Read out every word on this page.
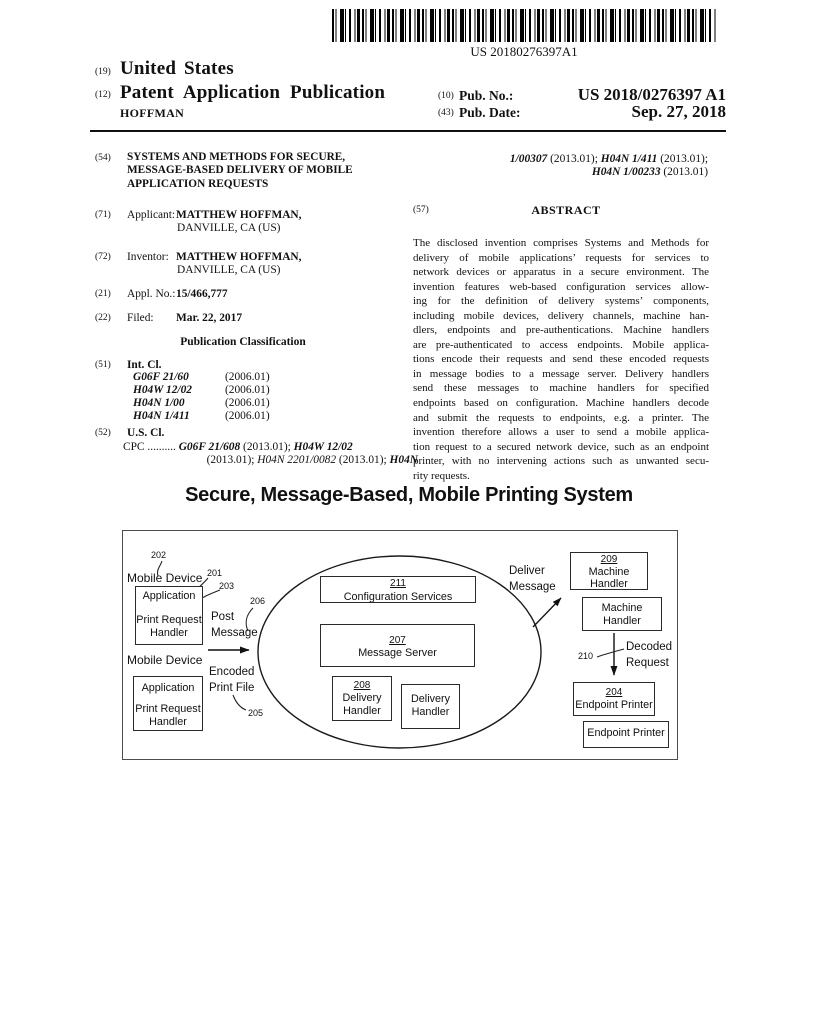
US 20180276397A1
(19) United States
(12) Patent Application Publication
HOFFMAN
(10) Pub. No.:	US 2018/0276397 A1
(43) Pub. Date:	Sep. 27, 2018
(54) SYSTEMS AND METHODS FOR SECURE,
MESSAGE-BASED DELIVERY OF MOBILE
APPLICATION REQUESTS
(71) Applicant: MATTHEW HOFFMAN,
DANVILLE, CA (US)
(72) Inventor: MATTHEW HOFFMAN,
DANVILLE, CA (US)
(21) Appl. No.: 15/466,777
(22) Filed: Mar. 22, 2017
Publication Classification
(51) Int. Cl.
G06F 21/60	(2006.01)
H04W 12/02	(2006.01)
H04N 1/00	(2006.01)
H04N 1/411	(2006.01)
(52) U.S. Cl.
CPC .......... G06F 21/608 (2013.01); H04W 12/02
(2013.01); H04N 2201/0082 (2013.01); H04N
1/00307 (2013.01); H04N 1/411 (2013.01);
H04N 1/00233 (2013.01)
(57)	ABSTRACT
The disclosed invention comprises Systems and Methods for
delivery of mobile applications’ requests for services to
network devices or apparatus in a secure environment. The
invention features web-based configuration services allow-
ing for the definition of delivery systems’ components,
including mobile devices, delivery channels, machine han-
dlers, endpoints and pre-authentications. Machine handlers
are pre-authenticated to access endpoints. Mobile applica-
tions encode their requests and send these encoded requests
in message bodies to a message server. Delivery handlers
send these messages to machine handlers for specified
endpoints based on configuration. Machine handlers decode
and submit the requests to endpoints, e.g. a printer. The
invention therefore allows a user to send a mobile applica-
tion request to a secured network device, such as an endpoint
printer, with no intervening actions such as unwanted secu-
rity requests.
Secure, Message-Based, Mobile Printing System
202
Mobile Device 201
203
206
Post
Message
Mobile Device
Encoded
Print File
205
Deliver
Message
210
Decoded
Request
Application
Print Request Handler
Application
Print Request Handler
211
Configuration Services
207
Message Server
208
Delivery
Handler
Delivery
Handler
209
Machine
Handler
Machine
Handler
204
Endpoint Printer
Endpoint Printer
